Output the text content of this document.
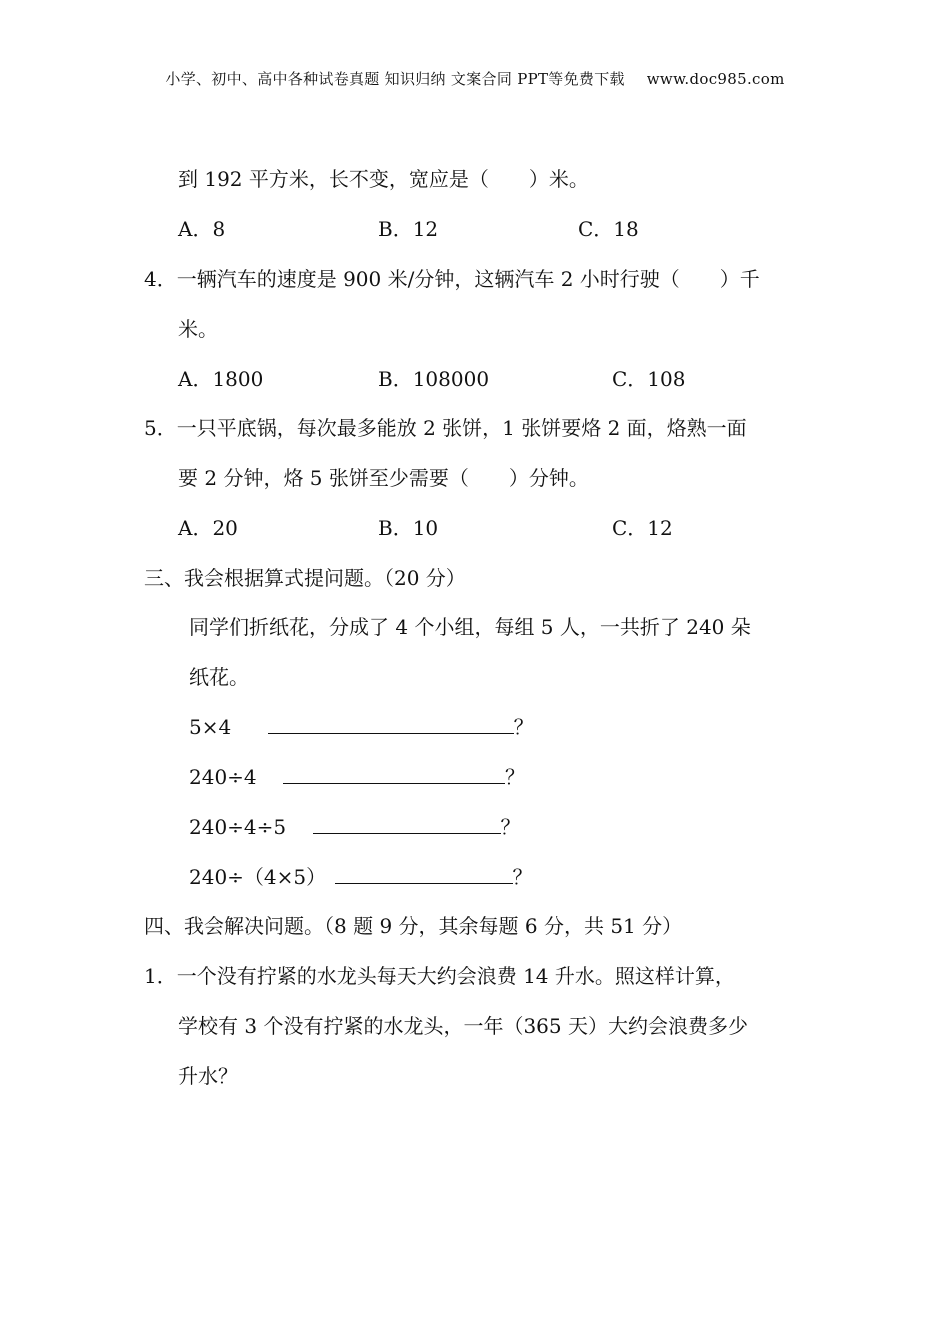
小学、初中、高中各种试卷真题 知识归纳 文案合同 PPT等免费下载 www.doc985.com
到 192 平方米，长不变，宽应是（　　）米。
A．8	B．12	C．18
4．一辆汽车的速度是 900 米/分钟，这辆汽车 2 小时行驶（　　）千
米。
A．1800	B．108000	C．108
5．一只平底锅，每次最多能放 2 张饼，1 张饼要烙 2 面，烙熟一面
要 2 分钟，烙 5 张饼至少需要（　　）分钟。
A．20	B．10	C．12
三、我会根据算式提问题。（20 分）
同学们折纸花，分成了 4 个小组，每组 5 人，一共折了 240 朵
纸花。
5×4	？
240÷4	？
240÷4÷5	？
240÷（4×5）	？
四、我会解决问题。（8 题 9 分，其余每题 6 分，共 51 分）
1．一个没有拧紧的水龙头每天大约会浪费 14 升水。照这样计算，
学校有 3 个没有拧紧的水龙头，一年（365 天）大约会浪费多少
升水？
